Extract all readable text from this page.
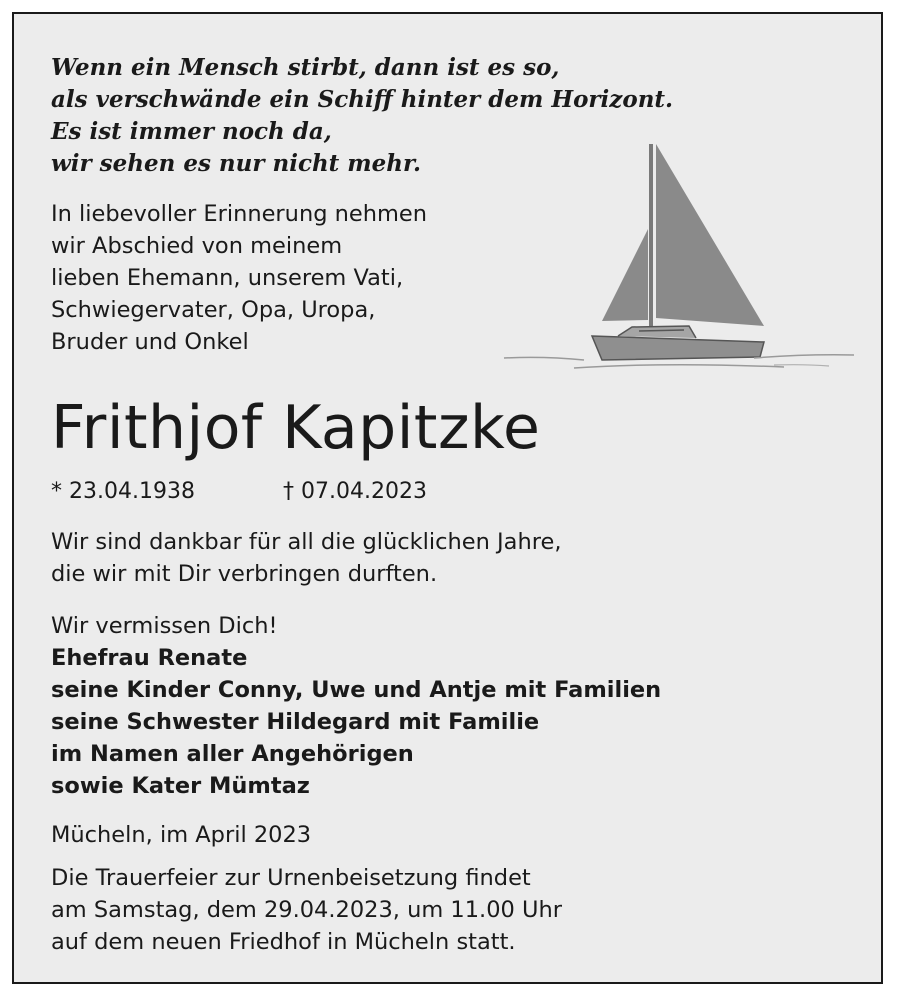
Wenn ein Mensch stirbt, dann ist es so,
als verschwände ein Schiff hinter dem Horizont.
Es ist immer noch da,
wir sehen es nur nicht mehr.
In liebevoller Erinnerung nehmen
wir Abschied von meinem
lieben Ehemann, unserem Vati,
Schwiegervater, Opa, Uropa,
Bruder und Onkel
Frithjof Kapitzke
* 23.04.1938	† 07.04.2023
Wir sind dankbar für all die glücklichen Jahre,
die wir mit Dir verbringen durften.
Wir vermissen Dich!
Ehefrau Renate
seine Kinder Conny, Uwe und Antje mit Familien
seine Schwester Hildegard mit Familie
im Namen aller Angehörigen
sowie Kater Mümtaz
Mücheln, im April 2023
Die Trauerfeier zur Urnenbeisetzung findet
am Samstag, dem 29.04.2023, um 11.00 Uhr
auf dem neuen Friedhof in Mücheln statt.
